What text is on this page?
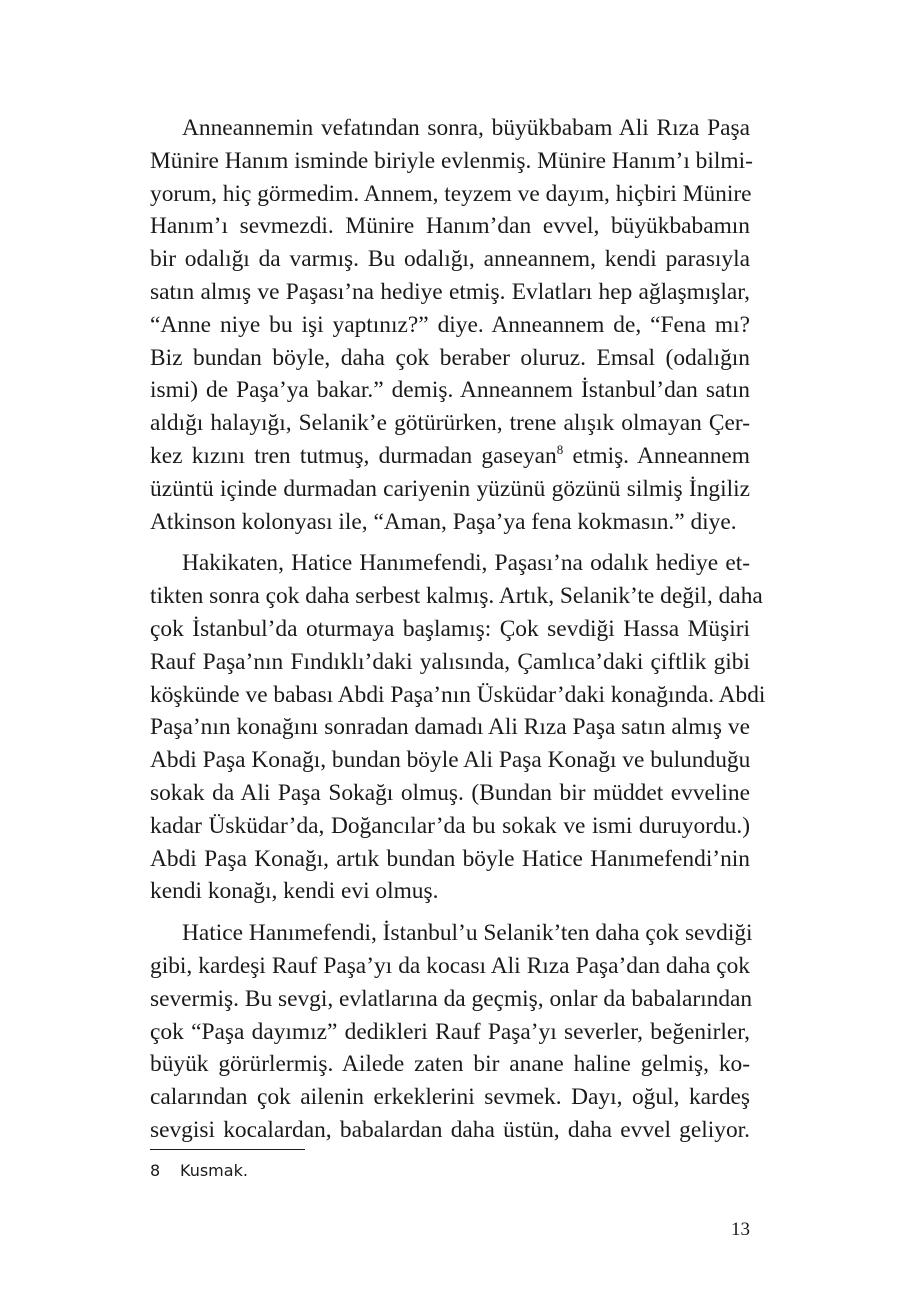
Anneannemin vefatından sonra, büyükbabam Ali Rıza Paşa
Münire Hanım isminde biriyle evlenmiş. Münire Hanım’ı bilmi-
yorum, hiç görmedim. Annem, teyzem ve dayım, hiçbiri Münire
Hanım’ı sevmezdi. Münire Hanım’dan evvel, büyükbabamın
bir odalığı da varmış. Bu odalığı, anneannem, kendi parasıyla
satın almış ve Paşası’na hediye etmiş. Evlatları hep ağlaşmışlar,
“Anne niye bu işi yaptınız?” diye. Anneannem de, “Fena mı?
Biz bundan böyle, daha çok beraber oluruz. Emsal (odalığın
ismi) de Paşa’ya bakar.” demiş. Anneannem İstanbul’dan satın
aldığı halayığı, Selanik’e götürürken, trene alışık olmayan Çer-
kez kızını tren tutmuş, durmadan gaseyan$^8$ etmiş. Anneannem
üzüntü içinde durmadan cariyenin yüzünü gözünü silmiş İngiliz
Atkinson kolonyası ile, “Aman, Paşa’ya fena kokmasın.” diye.
Hakikaten, Hatice Hanımefendi, Paşası’na odalık hediye et-
tikten sonra çok daha serbest kalmış. Artık, Selanik’te değil, daha
çok İstanbul’da oturmaya başlamış: Çok sevdiği Hassa Müşiri
Rauf Paşa’nın Fındıklı’daki yalısında, Çamlıca’daki çiftlik gibi
köşkünde ve babası Abdi Paşa’nın Üsküdar’daki konağında. Abdi
Paşa’nın konağını sonradan damadı Ali Rıza Paşa satın almış ve
Abdi Paşa Konağı, bundan böyle Ali Paşa Konağı ve bulunduğu
sokak da Ali Paşa Sokağı olmuş. (Bundan bir müddet evveline
kadar Üsküdar’da, Doğancılar’da bu sokak ve ismi duruyordu.)
Abdi Paşa Konağı, artık bundan böyle Hatice Hanımefendi’nin
kendi konağı, kendi evi olmuş.
Hatice Hanımefendi, İstanbul’u Selanik’ten daha çok sevdiği
gibi, kardeşi Rauf Paşa’yı da kocası Ali Rıza Paşa’dan daha çok
severmiş. Bu sevgi, evlatlarına da geçmiş, onlar da babalarından
çok “Paşa dayımız” dedikleri Rauf Paşa’yı severler, beğenirler,
büyük görürlermiş. Ailede zaten bir anane haline gelmiş, ko-
calarından çok ailenin erkeklerini sevmek. Dayı, oğul, kardeş
sevgisi kocalardan, babalardan daha üstün, daha evvel geliyor.
8 Kusmak.
13
